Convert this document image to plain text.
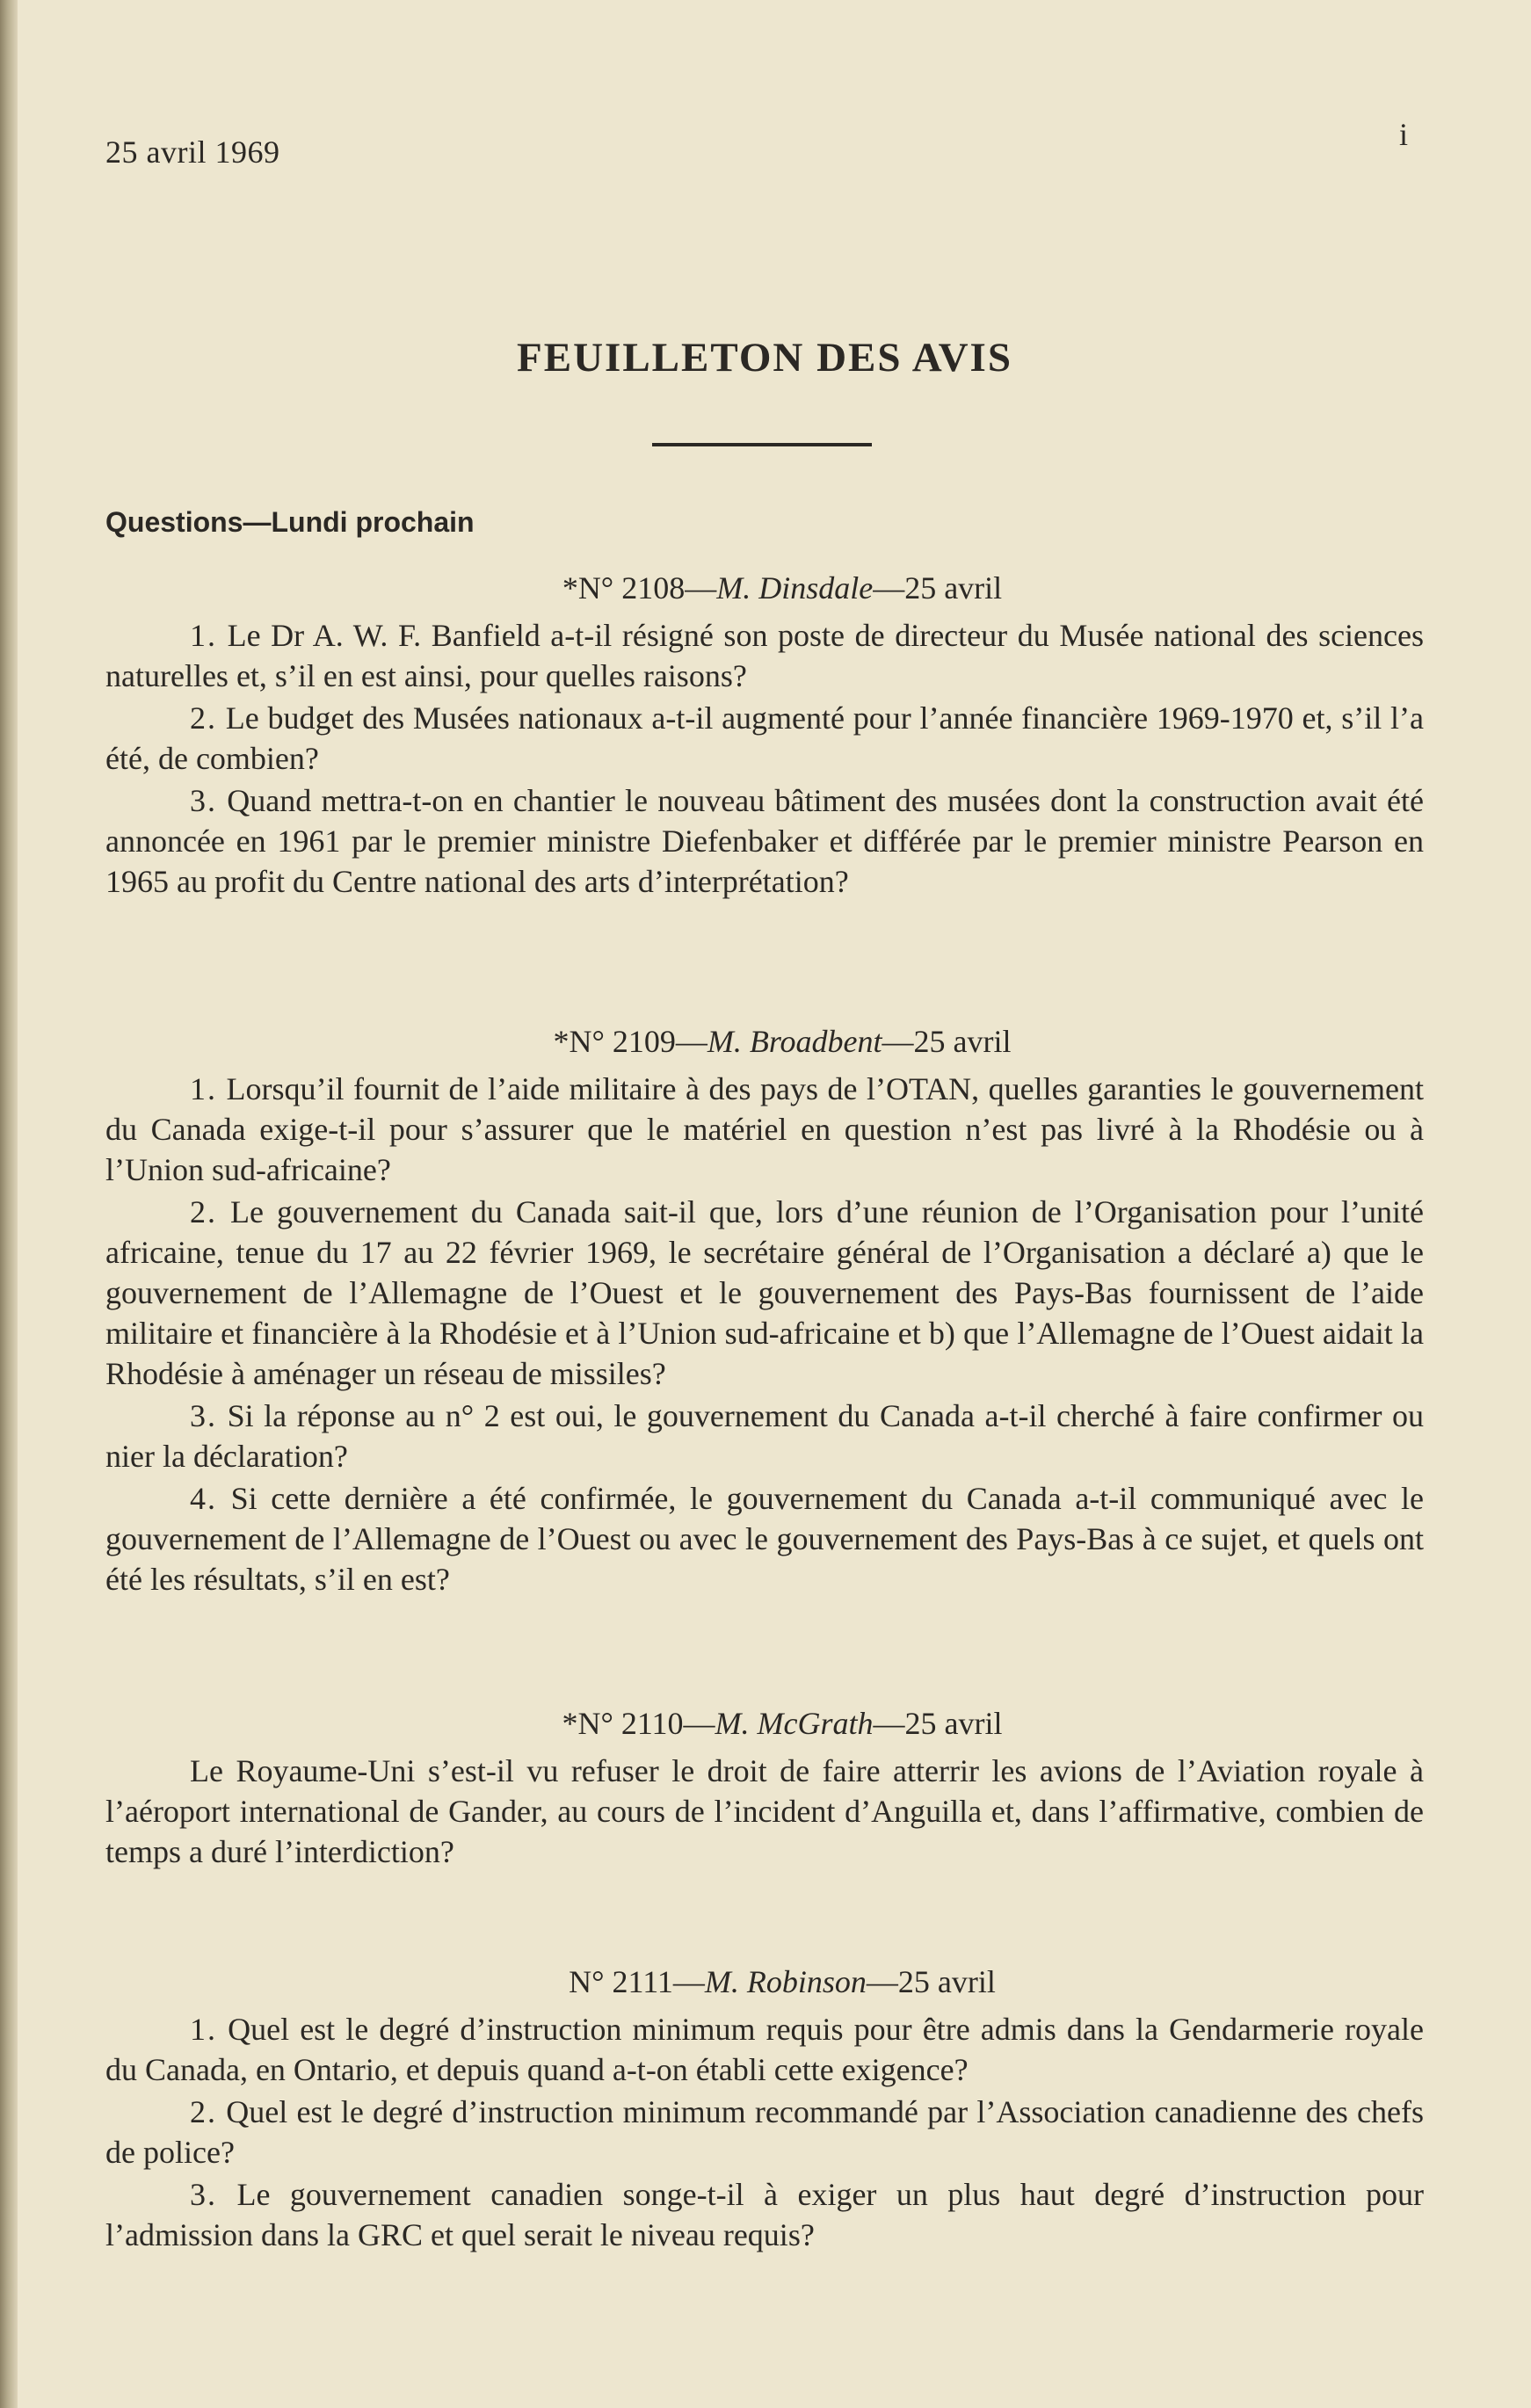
25 avril 1969	i
FEUILLETON DES AVIS
Questions—Lundi prochain
*N° 2108—M. Dinsdale—25 avril

1. Le Dr A. W. F. Banfield a-t-il résigné son poste de directeur du Musée national des sciences naturelles et, s’il en est ainsi, pour quelles raisons?

2. Le budget des Musées nationaux a-t-il augmenté pour l’année financière 1969-1970 et, s’il l’a été, de combien?

3. Quand mettra-t-on en chantier le nouveau bâtiment des musées dont la construction avait été annoncée en 1961 par le premier ministre Diefenbaker et différée par le premier ministre Pearson en 1965 au profit du Centre national des arts d’interprétation?

*N° 2109—M. Broadbent—25 avril

1. Lorsqu’il fournit de l’aide militaire à des pays de l’OTAN, quelles garanties le gouvernement du Canada exige-t-il pour s’assurer que le matériel en question n’est pas livré à la Rhodésie ou à l’Union sud-africaine?

2. Le gouvernement du Canada sait-il que, lors d’une réunion de l’Organisation pour l’unité africaine, tenue du 17 au 22 février 1969, le secrétaire général de l’Organisation a déclaré a) que le gouvernement de l’Allemagne de l’Ouest et le gouvernement des Pays-Bas fournissent de l’aide militaire et financière à la Rhodésie et à l’Union sud-africaine et b) que l’Allemagne de l’Ouest aidait la Rhodésie à aménager un réseau de missiles?

3. Si la réponse au n° 2 est oui, le gouvernement du Canada a-t-il cherché à faire confirmer ou nier la déclaration?

4. Si cette dernière a été confirmée, le gouvernement du Canada a-t-il communiqué avec le gouvernement de l’Allemagne de l’Ouest ou avec le gouvernement des Pays-Bas à ce sujet, et quels ont été les résultats, s’il en est?

*N° 2110—M. McGrath—25 avril

Le Royaume-Uni s’est-il vu refuser le droit de faire atterrir les avions de l’Aviation royale à l’aéroport international de Gander, au cours de l’incident d’Anguilla et, dans l’affirmative, combien de temps a duré l’interdiction?

N° 2111—M. Robinson—25 avril

1. Quel est le degré d’instruction minimum requis pour être admis dans la Gendarmerie royale du Canada, en Ontario, et depuis quand a-t-on établi cette exigence?

2. Quel est le degré d’instruction minimum recommandé par l’Association canadienne des chefs de police?

3. Le gouvernement canadien songe-t-il à exiger un plus haut degré d’instruction pour l’admission dans la GRC et quel serait le niveau requis?
